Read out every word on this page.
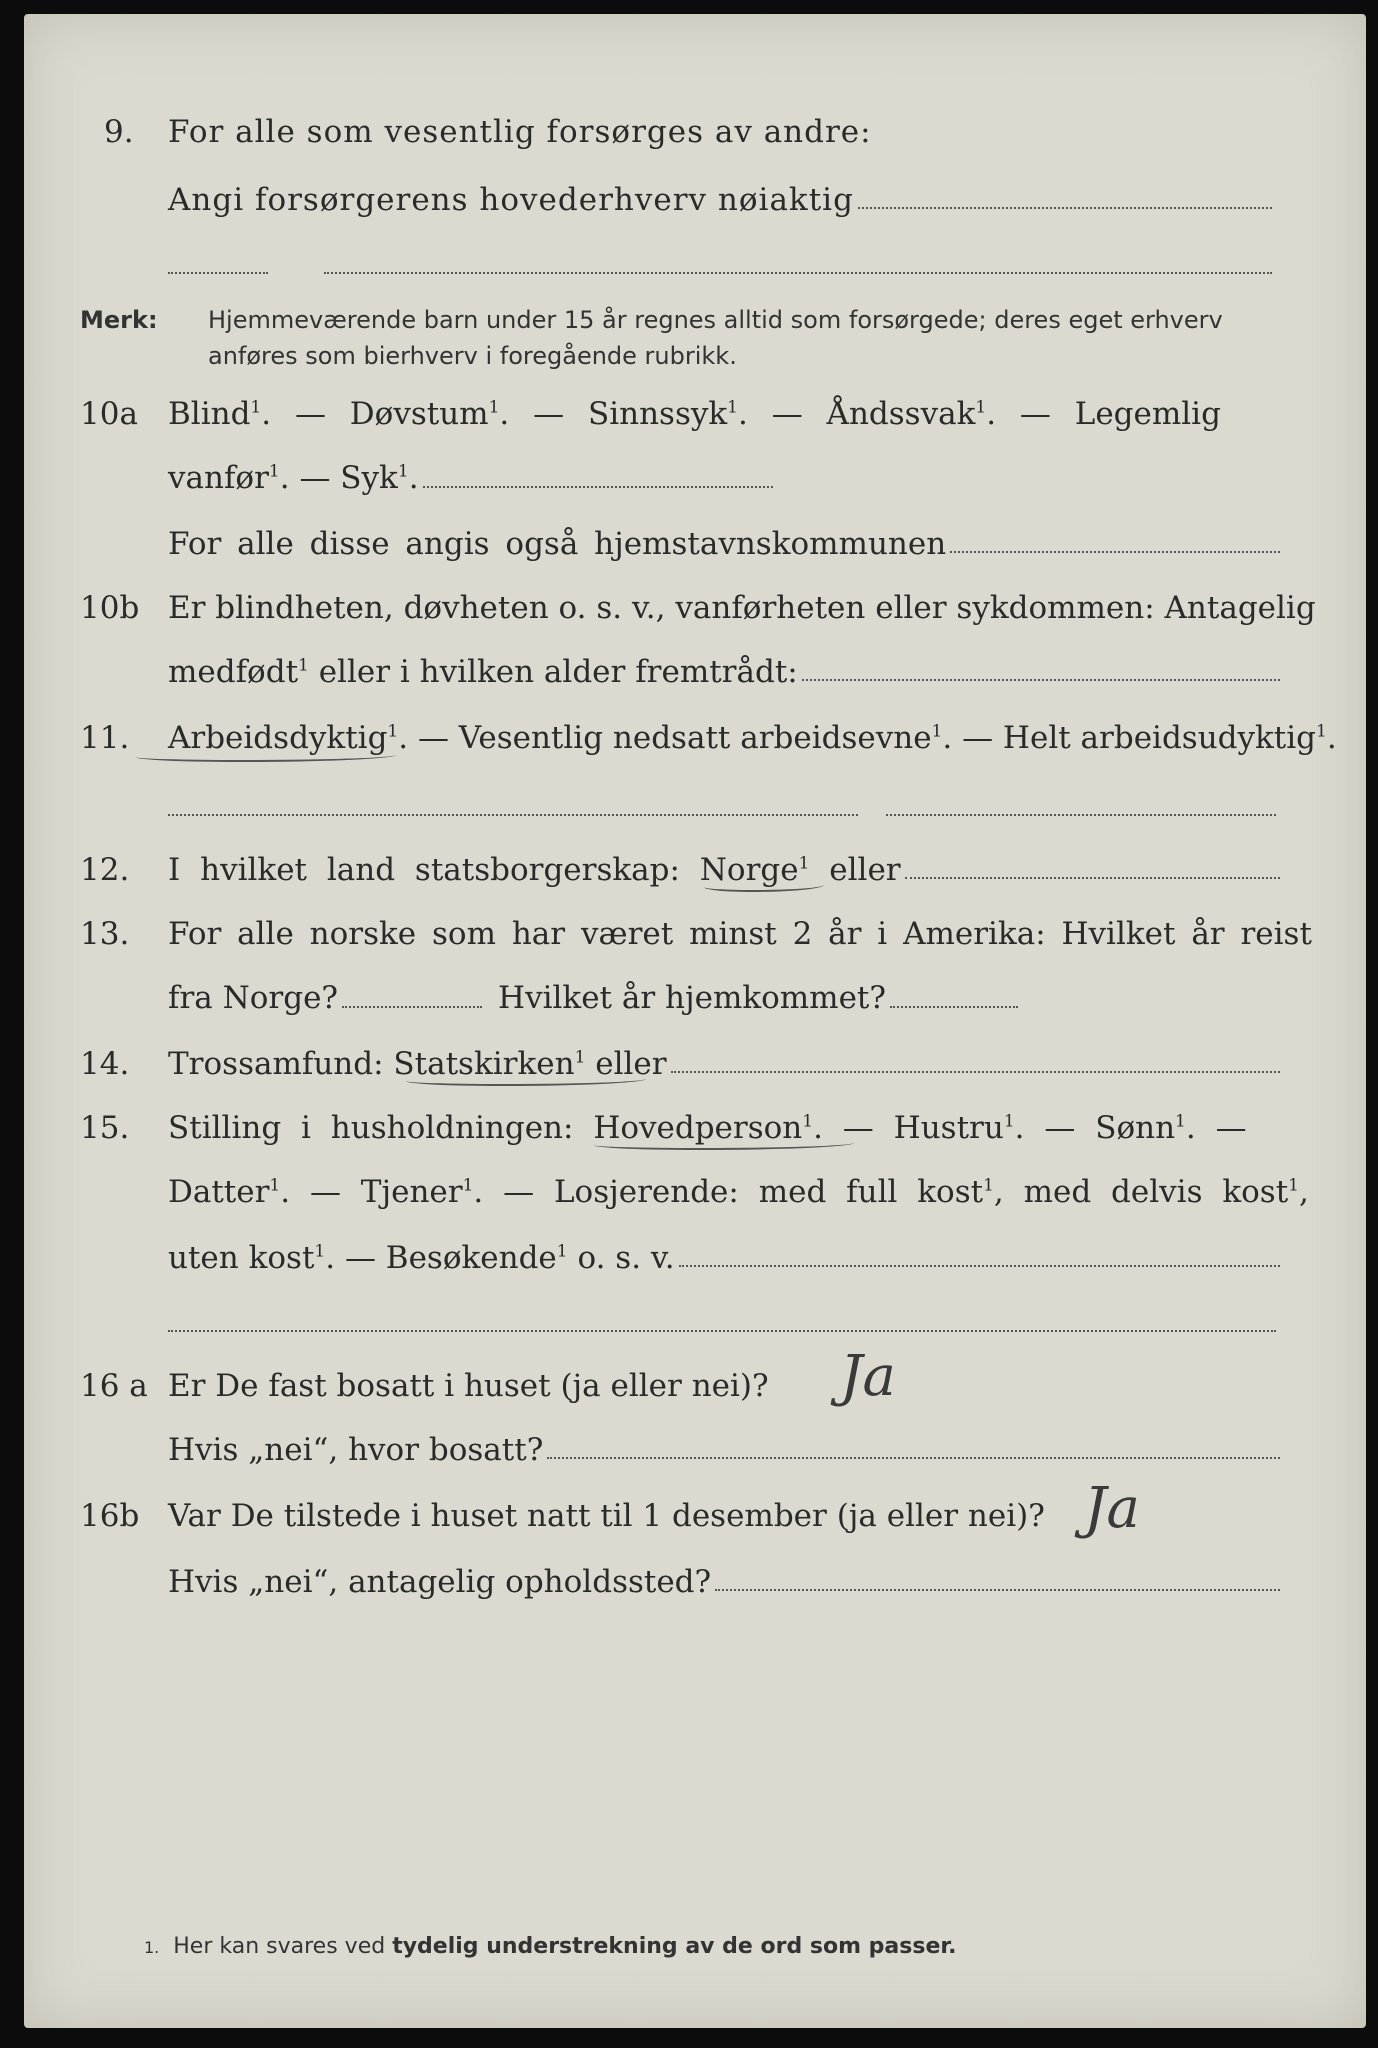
9. For alle som vesentlig forsørges av andre:
Angi forsørgerens hovederhverv nøiaktig
Merk: Hjemmeværende barn under 15 år regnes alltid som forsørgede; deres eget erhverv
anføres som bierhverv i foregående rubrikk.
10a Blind$^1$. — Døvstum$^1$. — Sinnssyk$^1$. — Åndssvak$^1$. — Legemlig
vanfør$^1$. — Syk$^1$.
For alle disse angis også hjemstavnskommunen
10b Er blindheten, døvheten o. s. v., vanførheten eller sykdommen: Antagelig
medfødt$^1$ eller i hvilken alder fremtrådt:
11. Arbeidsdyktig$^1$. — Vesentlig nedsatt arbeidsevne$^1$. — Helt arbeidsudyktig$^1$.
12. I hvilket land statsborgerskap: Norge$^1$ eller
13. For alle norske som har været minst 2 år i Amerika: Hvilket år reist
fra Norge?	Hvilket år hjemkommet?
14. Trossamfund: Statskirken$^1$ eller
15. Stilling i husholdningen: Hovedperson$^1$. — Hustru$^1$. — Sønn$^1$. —
Datter$^1$. — Tjener$^1$. — Losjerende: med full kost$^1$, med delvis kost$^1$,
uten kost$^1$. — Besøkende$^1$ o. s. v.
16 a Er De fast bosatt i huset (ja eller nei)? Ja
Hvis „nei“, hvor bosatt?
16b Var De tilstede i huset natt til 1 desember (ja eller nei)? Ja
Hvis „nei“, antagelig opholdssted?
1. Her kan svares ved tydelig understrekning av de ord som passer.
